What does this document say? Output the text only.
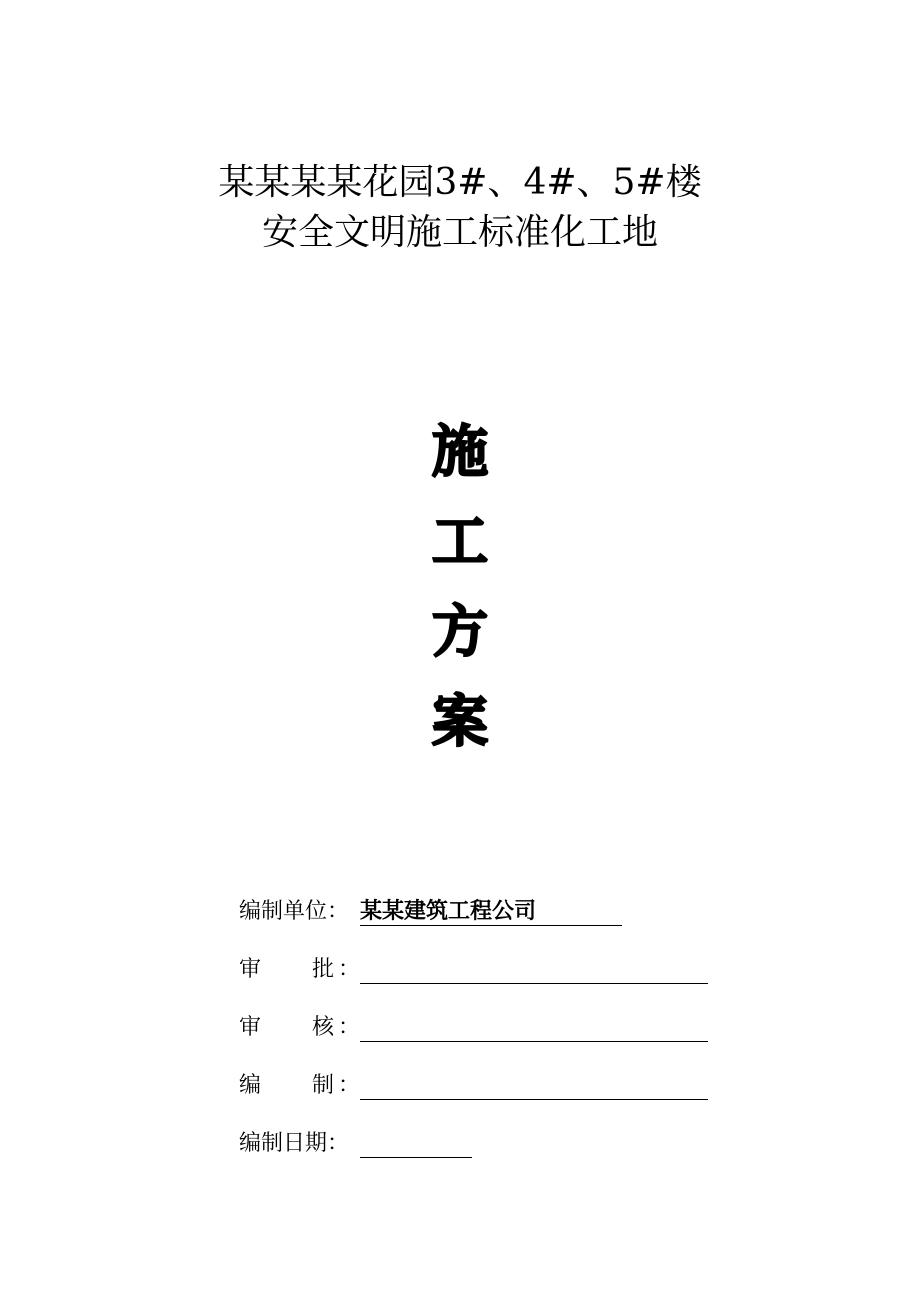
某某某某花园3#、4#、5#楼
安全文明施工标准化工地
施
工
方
案
编制单位： 某某建筑工程公司
审 批 ：
审 核 ：
编 制 ：
编制日期：
